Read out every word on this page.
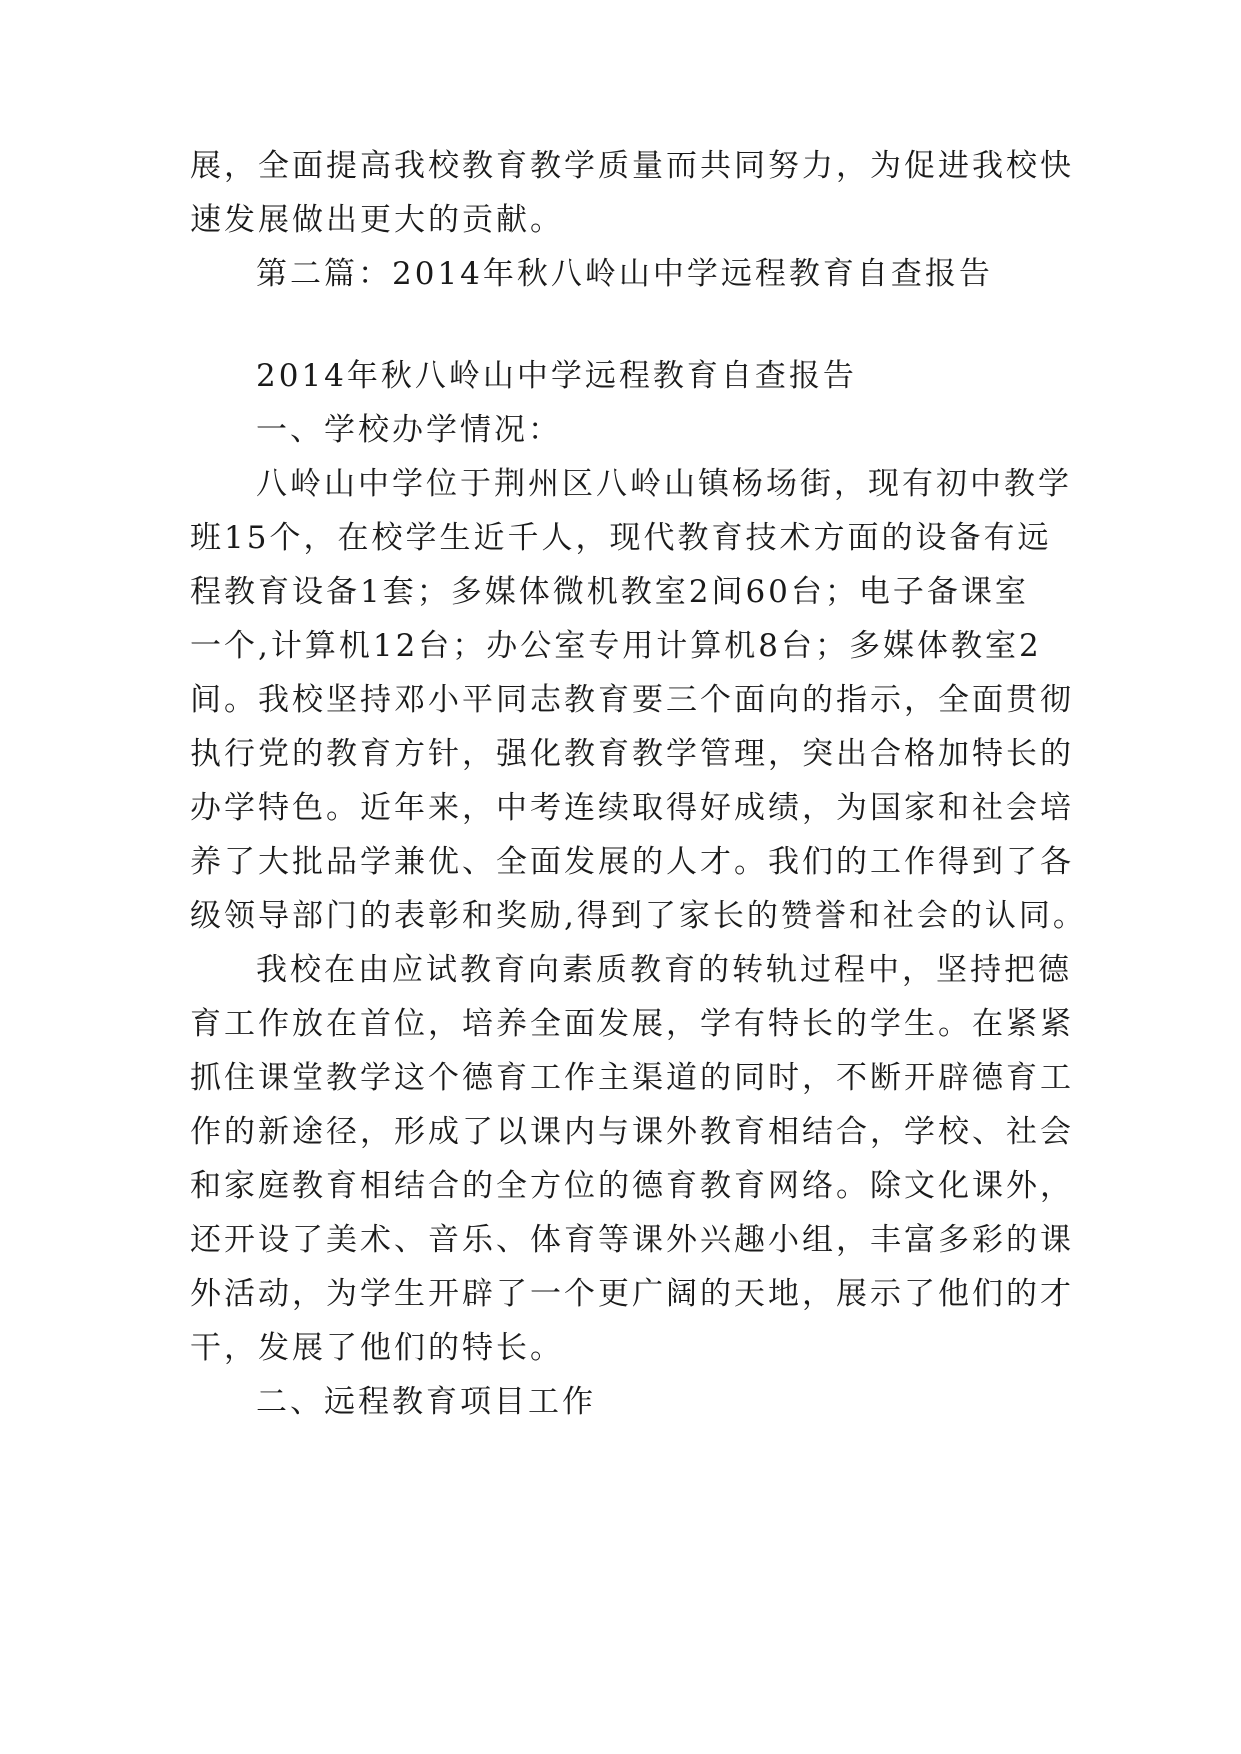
展，全面提高我校教育教学质量而共同努力，为促进我校快
速发展做出更大的贡献。
第二篇：2014年秋八岭山中学远程教育自查报告
2014年秋八岭山中学远程教育自查报告
一、学校办学情况：
八岭山中学位于荆州区八岭山镇杨场街，现有初中教学
班15个，在校学生近千人，现代教育技术方面的设备有远
程教育设备1套；多媒体微机教室2间60台；电子备课室
一个,计算机12台；办公室专用计算机8台；多媒体教室2
间。我校坚持邓小平同志教育要三个面向的指示，全面贯彻
执行党的教育方针，强化教育教学管理，突出合格加特长的
办学特色。近年来，中考连续取得好成绩，为国家和社会培
养了大批品学兼优、全面发展的人才。我们的工作得到了各
级领导部门的表彰和奖励,得到了家长的赞誉和社会的认同。
我校在由应试教育向素质教育的转轨过程中，坚持把德
育工作放在首位，培养全面发展，学有特长的学生。在紧紧
抓住课堂教学这个德育工作主渠道的同时，不断开辟德育工
作的新途径，形成了以课内与课外教育相结合，学校、社会
和家庭教育相结合的全方位的德育教育网络。除文化课外，
还开设了美术、音乐、体育等课外兴趣小组，丰富多彩的课
外活动，为学生开辟了一个更广阔的天地，展示了他们的才
干，发展了他们的特长。
二、远程教育项目工作
